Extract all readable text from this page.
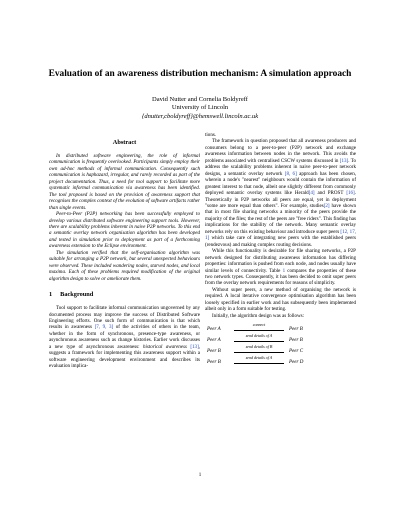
Evaluation of an awareness distribution mechanism: A simulation approach
David Nutter and Cornelia Boldyreff
University of Lincoln
{dnutter,cboldyreff}@hemswell.lincoln.ac.uk
Abstract

In distributed software engineering, the role of informal communication is frequently overlooked. Participants simply employ their own ad-hoc methods of informal communication. Consequently such communication is haphazard, irregular, and rarely recorded as part of the project documentation. Thus, a need for tool support to facilitate more systematic informal communication via awareness has been identified. The tool proposed is based on the provision of awareness support that recognises the complex context of the evolution of software artifacts rather than single events.

Peer-to-Peer (P2P) networking has been successfully employed to develop various distributed software engineering support tools. However, there are scalability problems inherent in naive P2P networks. To this end a semantic overlay network organisation algorithm has been developed and tested in simulation prior to deployment as part of a forthcoming awareness extension to the Eclipse environment.

The simulation verified that the self-organisation algorithm was suitable for arranging a P2P network, but several unexpected behaviours were observed. These included wandering nodes, starved nodes, and local maxima. Each of these problems required modification of the original algorithm design to solve or ameliorate them.

1 Background

Tool support to facilitate informal communication ungoverned by any documented process may improve the success of Distributed Software Engineering efforts. One such form of communication is that which results in awareness [7, 9, 3] of the activities of others in the team, whether in the form of synchronous, presence-type awareness, or asynchronous awareness such as change histories. Earlier work discusses a new type of asynchronous awareness: historical awareness [13], suggests a framework for implementing this awareness support within a software engineering development environment and describes its evaluation implica-

tions.

The framework in question proposed that all awareness producers and consumers belong to a peer-to-peer (P2P) network and exchange awareness information between nodes in the network. This avoids the problems associated with centralised CSCW systems discussed in [13]. To address the scalability problems inherent in naive peer-to-peer network designs, a semantic overlay network [8, 6] approach has been chosen, wherein a node's "nearest" neighbours would contain the information of greatest interest to that node, albeit one slightly different from commonly deployed semantic overlay systems like Herald[4] and PROST [16]. Theoretically in P2P networks all peers are equal, yet in deployment "some are more equal than others". For example, studies[2] have shown that in most file sharing networks a minority of the peers provide the majority of the files; the rest of the peers are "free riders". This finding has implications for the stability of the network. Many semantic overlay networks rely on this existing behaviour and introduce super peers [12, 17, 1] which take care of integrating new peers with the established peers (rendezvous) and making complex routing decisions.

While this functionality is desirable for file sharing networks, a P2P network designed for distributing awareness information has differing properties: information is pushed from each node, and nodes usually have similar levels of connectivity. Table 1 compares the properties of these two network types. Consequently, it has been decided to omit super peers from the overlay network requirements for reasons of simplicity.

Without super peers, a new method of organising the network is required. A local iterative convergence optimisation algorithm has been loosely specified in earlier work and has subsequently been implemented albeit only in a form suitable for testing.

Initially, the algorithm design was as follows:

Peer A
connect
Peer B
Peer A
send details of A
Peer B
Peer B
send details of B
Peer C
Peer B
send details of A
Peer D
1
